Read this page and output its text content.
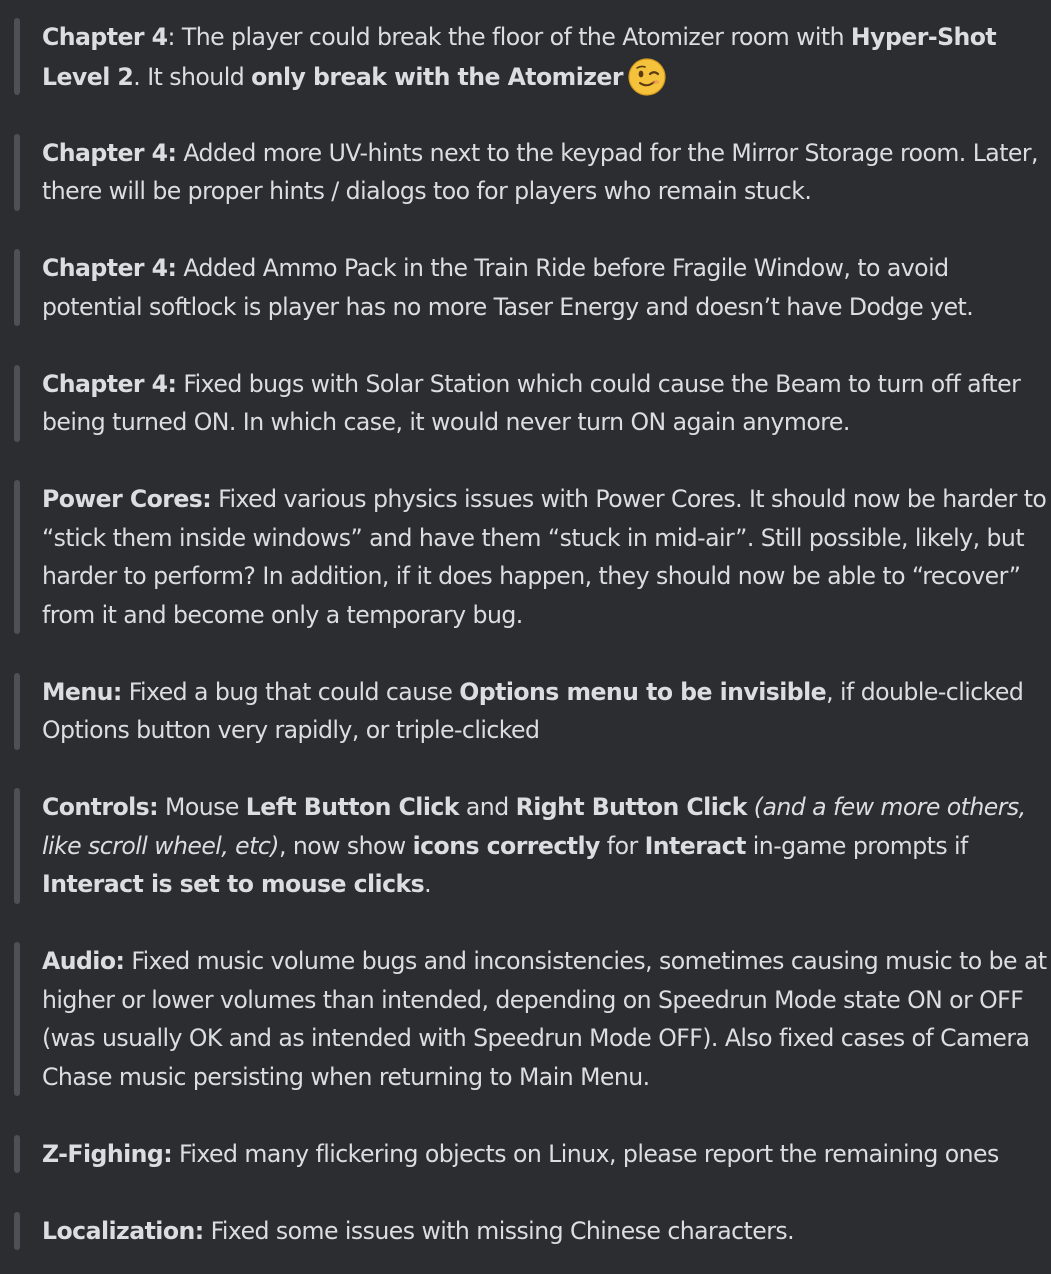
Chapter 4: The player could break the floor of the Atomizer room with Hyper-Shot Level 2. It should only break with the Atomizer
Chapter 4: Added more UV-hints next to the keypad for the Mirror Storage room. Later, there will be proper hints / dialogs too for players who remain stuck.
Chapter 4: Added Ammo Pack in the Train Ride before Fragile Window, to avoid potential softlock is player has no more Taser Energy and doesn’t have Dodge yet.
Chapter 4: Fixed bugs with Solar Station which could cause the Beam to turn off after being turned ON. In which case, it would never turn ON again anymore.
Power Cores: Fixed various physics issues with Power Cores. It should now be harder to “stick them inside windows” and have them “stuck in mid-air”. Still possible, likely, but harder to perform? In addition, if it does happen, they should now be able to “recover” from it and become only a temporary bug.
Menu: Fixed a bug that could cause Options menu to be invisible, if double-clicked Options button very rapidly, or triple-clicked
Controls: Mouse Left Button Click and Right Button Click (and a few more others, like scroll wheel, etc), now show icons correctly for Interact in-game prompts if Interact is set to mouse clicks.
Audio: Fixed music volume bugs and inconsistencies, sometimes causing music to be at higher or lower volumes than intended, depending on Speedrun Mode state ON or OFF (was usually OK and as intended with Speedrun Mode OFF). Also fixed cases of Camera Chase music persisting when returning to Main Menu.
Z-Fighing: Fixed many flickering objects on Linux, please report the remaining ones
Localization: Fixed some issues with missing Chinese characters.
